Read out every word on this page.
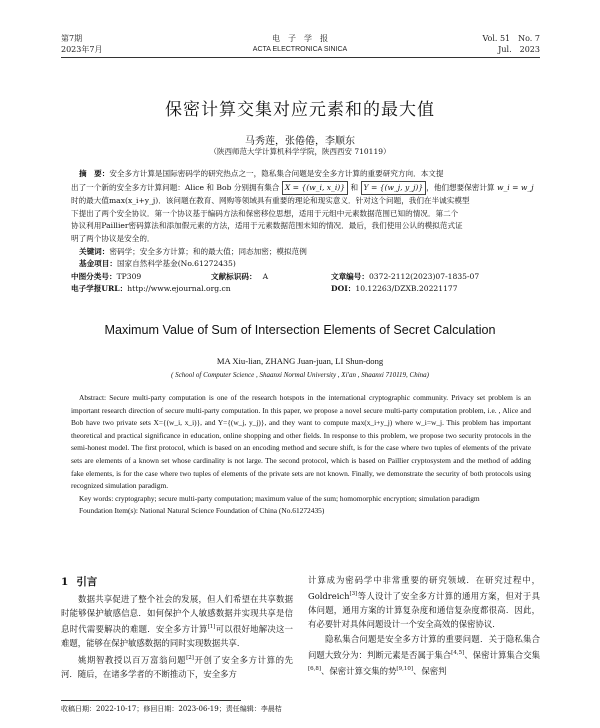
第7期
2023年7月
电　子　学　报
ACTA ELECTRONICA SINICA
Vol. 51　No. 7
Jul.　2023
保密计算交集对应元素和的最大值
马秀莲，张倦倦，李顺东
（陕西师范大学计算机科学学院，陕西西安 710119）
摘　要：安全多方计算是国际密码学的研究热点之一，隐私集合问题是安全多方计算的重要研究方向．本文提
出了一个新的安全多方计算问题：Alice 和 Bob 分别拥有集合 X = {(w_i, x_i)} 和 Y = {(w_j, y_j)} ，他们想要保密计算 w_i = w_j
时的最大值max(x_i+y_j)．该问题在教育、网购等领域具有重要的理论和现实意义．针对这个问题，我们在半诚实模型
下提出了两个安全协议．第一个协议基于编码方法和保密移位思想，适用于元组中元素数据范围已知的情况．第二个
协议利用Paillier密码算法和添加假元素的方法，适用于元素数据范围未知的情况．最后，我们使用公认的模拟范式证
明了两个协议是安全的．
关键词：密码学；安全多方计算；和的最大值；同态加密；模拟范例
基金项目：国家自然科学基金(No.61272435)
中图分类号：TP309	文献标识码： A	文章编号：0372-2112(2023)07-1835-07
电子学报URL：http://www.ejournal.org.cn	DOI：10.12263/DZXB.20221177
Maximum Value of Sum of Intersection Elements of Secret Calculation
MA Xiu-lian, ZHANG Juan-juan, LI Shun-dong
( School of Computer Science , Shaanxi Normal University , Xi'an , Shaanxi 710119, China)
Abstract: Secure multi-party computation is one of the research hotspots in the international cryptographic community. Privacy set problem is an important research direction of secure multi-party computation. In this paper, we propose a novel secure multi-party computation problem, i.e. , Alice and Bob have two private sets X={(w_i, x_i)}, and Y={(w_j, y_j)}, and they want to compute max(x_i+y_j) where w_i=w_j. This problem has important theoretical and practical significance in education, online shopping and other fields. In response to this problem, we propose two security protocols in the semi-honest model. The first protocol, which is based on an encoding method and secure shift, is for the case where two tuples of elements of the private sets are elements of a known set whose cardinality is not large. The second protocol, which is based on Paillier cryptosystem and the method of adding fake elements, is for the case where two tuples of elements of the private sets are not known. Finally, we demonstrate the security of both protocols using recognized simulation paradigm.
Key words: cryptography; secure multi-party computation; maximum value of the sum; homomorphic encryption; simulation paradigm
Foundation Item(s): National Natural Science Foundation of China (No.61272435)
1 引言
数据共享促进了整个社会的发展，但人们希望在共享数据时能够保护敏感信息．如何保护个人敏感数据并实现共享是信息时代需要解决的难题．安全多方计算[1]可以很好地解决这一难题，能够在保护敏感数据的同时实现数据共享．
姚期智教授以百万富翁问题[2]开创了安全多方计算的先河．随后，在诸多学者的不断推动下，安全多方
计算成为密码学中非常重要的研究领域．在研究过程中，Goldreich[3]等人设计了安全多方计算的通用方案，但对于具体问题，通用方案的计算复杂度和通信复杂度都很高．因此，有必要针对具体问题设计一个安全高效的保密协议．
隐私集合问题是安全多方计算的重要问题．关于隐私集合问题大致分为：判断元素是否属于集合[4,5]、保密计算集合交集[6,8]、保密计算交集的势[9,10]、保密判
收稿日期：2022-10-17；修回日期：2023-06-19；责任编辑：李晨桔
